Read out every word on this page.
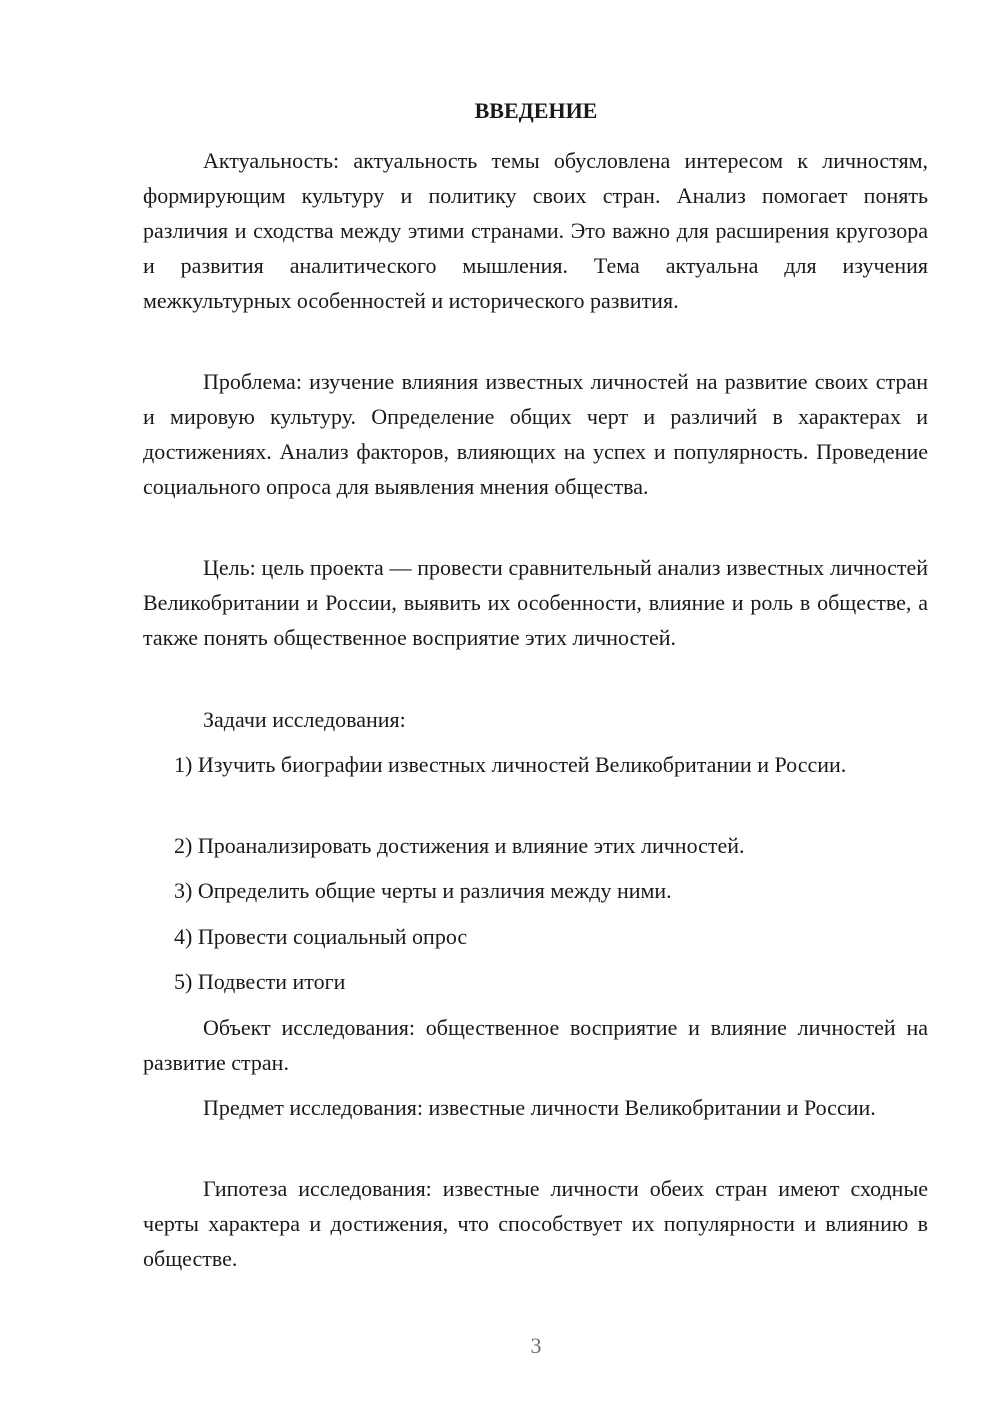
ВВЕДЕНИЕ

Актуальность: актуальность темы обусловлена интересом к личностям, формирующим культуру и политику своих стран. Анализ помогает понять различия и сходства между этими странами. Это важно для расширения кругозора и развития аналитического мышления. Тема актуальна для изучения межкультурных особенностей и исторического развития.

Проблема: изучение влияния известных личностей на развитие своих стран и мировую культуру. Определение общих черт и различий в характерах и достижениях. Анализ факторов, влияющих на успех и популярность. Проведение социального опроса для выявления мнения общества.

Цель: цель проекта — провести сравнительный анализ известных личностей Великобритании и России, выявить их особенности, влияние и роль в обществе, а также понять общественное восприятие этих личностей.

Задачи исследования:

1) Изучить биографии известных личностей Великобритании и России.

2) Проанализировать достижения и влияние этих личностей.

3) Определить общие черты и различия между ними.

4) Провести социальный опрос

5) Подвести итоги

Объект исследования: общественное восприятие и влияние личностей на развитие стран.

Предмет исследования: известные личности Великобритании и России.

Гипотеза исследования: известные личности обеих стран имеют сходные черты характера и достижения, что способствует их популярности и влиянию в обществе.

3
